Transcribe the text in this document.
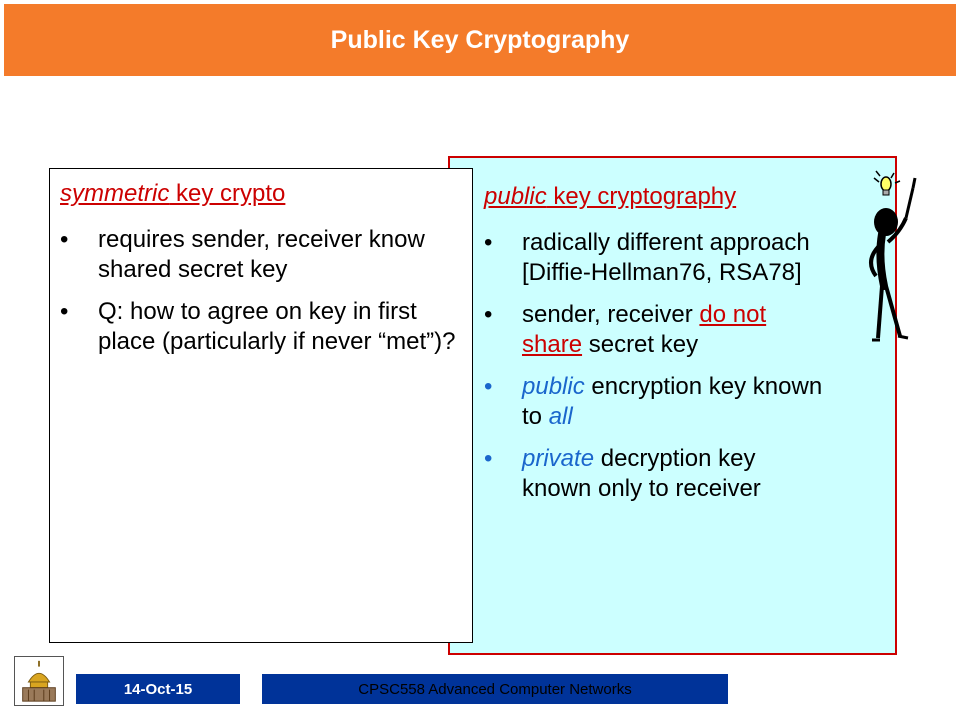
Public Key Cryptography

public key cryptography

• radically different approach [Diffie-Hellman76, RSA78]
• sender, receiver do not share secret key
• public encryption key known to all
• private decryption key known only to receiver

symmetric key crypto

• requires sender, receiver know shared secret key
• Q: how to agree on key in first place (particularly if never “met”)?
14-Oct-15	CPSC558 Advanced Computer Networks
